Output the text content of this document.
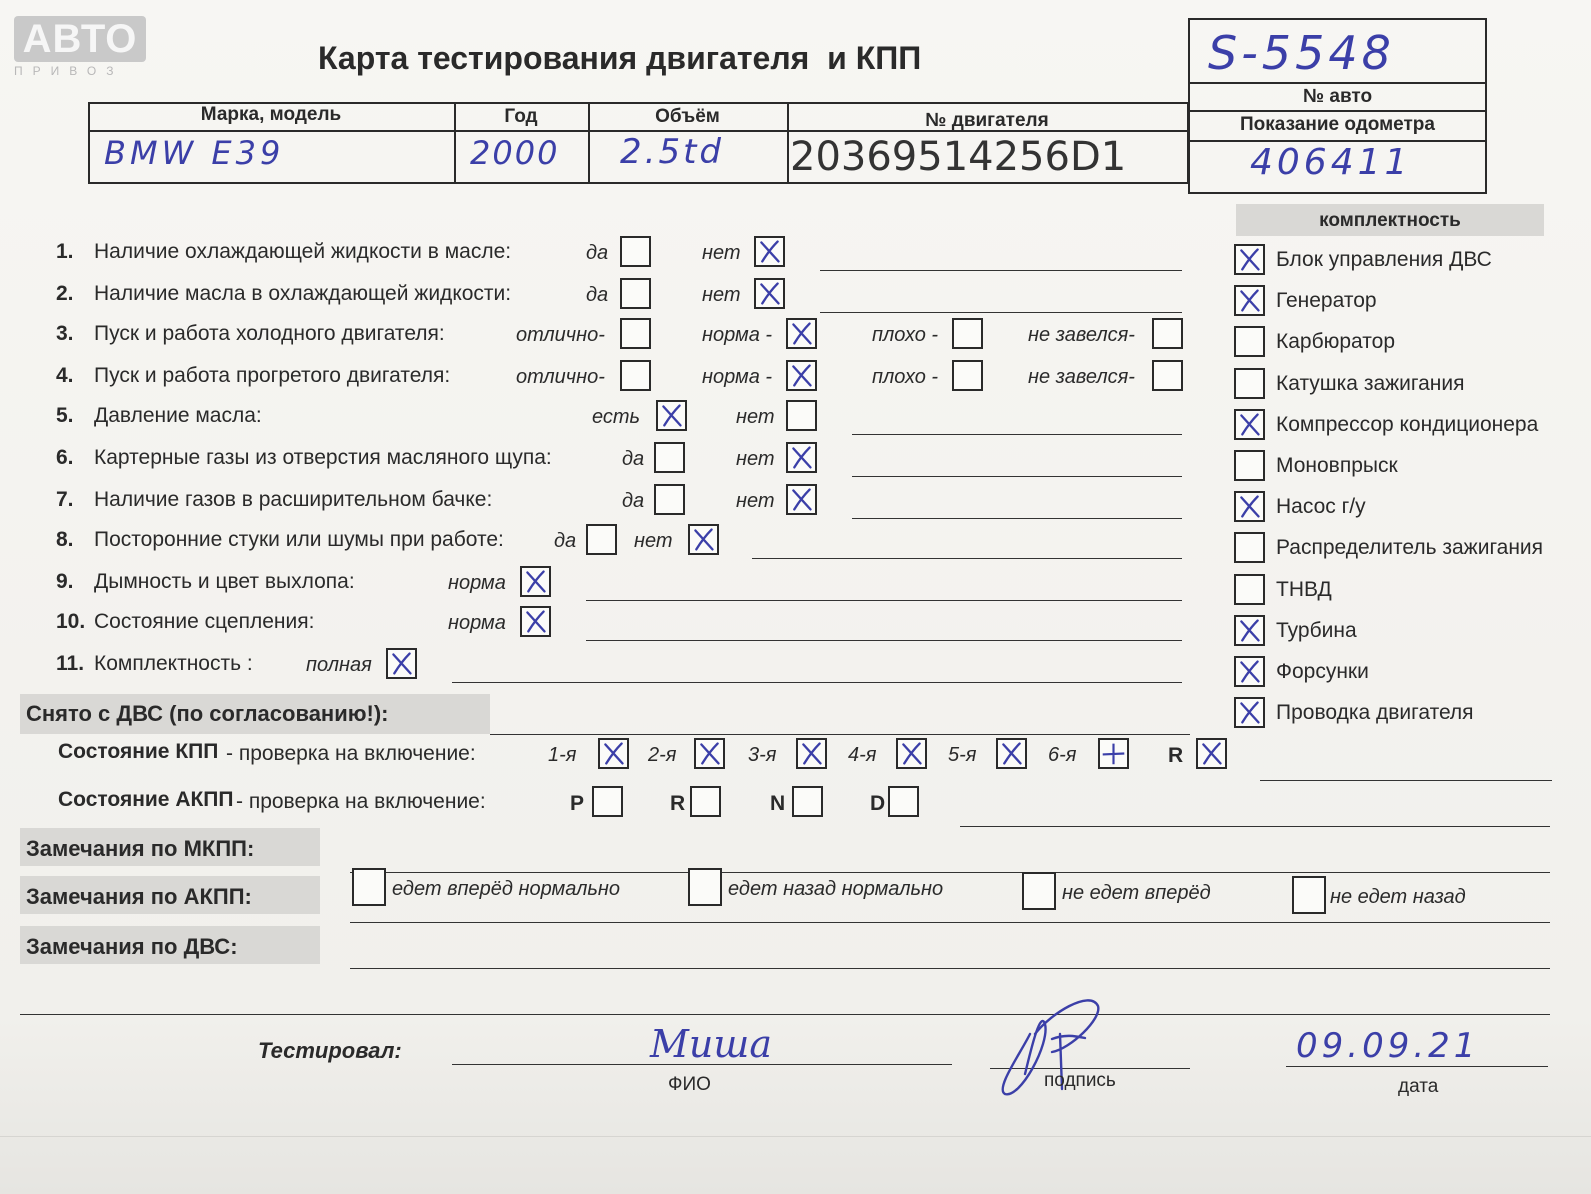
АВТО
ПРИВОЗ	Карта тестирования двигателя  и КПП	S-5548
№ авто
Марка, модель	Год	Объём	№ двигателя
BMW E39	2000 2.5td 20369514256D1
Показание одометра
406411
комплектность
1. Наличие охлаждающей жидкости в масле:	да	нет
2. Наличие масла в охлаждающей жидкости:	да	нет
3. Пуск и работа холодного двигателя:	отлично-	норма -	плохо -	не завелся-
4. Пуск и работа прогретого двигателя:	отлично-	норма -	плохо -	не завелся-
5. Давление масла:	есть	нет
6. Картерные газы из отверстия масляного щупа:	да	нет
7. Наличие газов в расширительном бачке:	да	нет
8. Посторонние стуки или шумы при работе:	да	нет
9. Дымность и цвет выхлопа:	норма
10. Состояние сцепления:	норма
11. Комплектность :	полная
Блок управления ДВС
Генератор
Карбюратор
Катушка зажигания
Компрессор кондиционера
Моновпрыск
Насос г/у
Распределитель зажигания
ТНВД
Турбина
Форсунки
Проводка двигателя
Снято с ДВС (по согласованию!):
Состояние КПП - проверка на включение:	1-я	2-я	3-я	4-я	5-я	6-я	R
Состояние АКПП - проверка на включение:	P	R	N	D
Замечания по МКПП:
Замечания по АКПП:	едет вперёд нормально	едет назад нормально	не едет вперёд	не едет назад
Замечания по ДВС:
Тестировал:	Миша
ФИО	подпись
09.09.21
дата
